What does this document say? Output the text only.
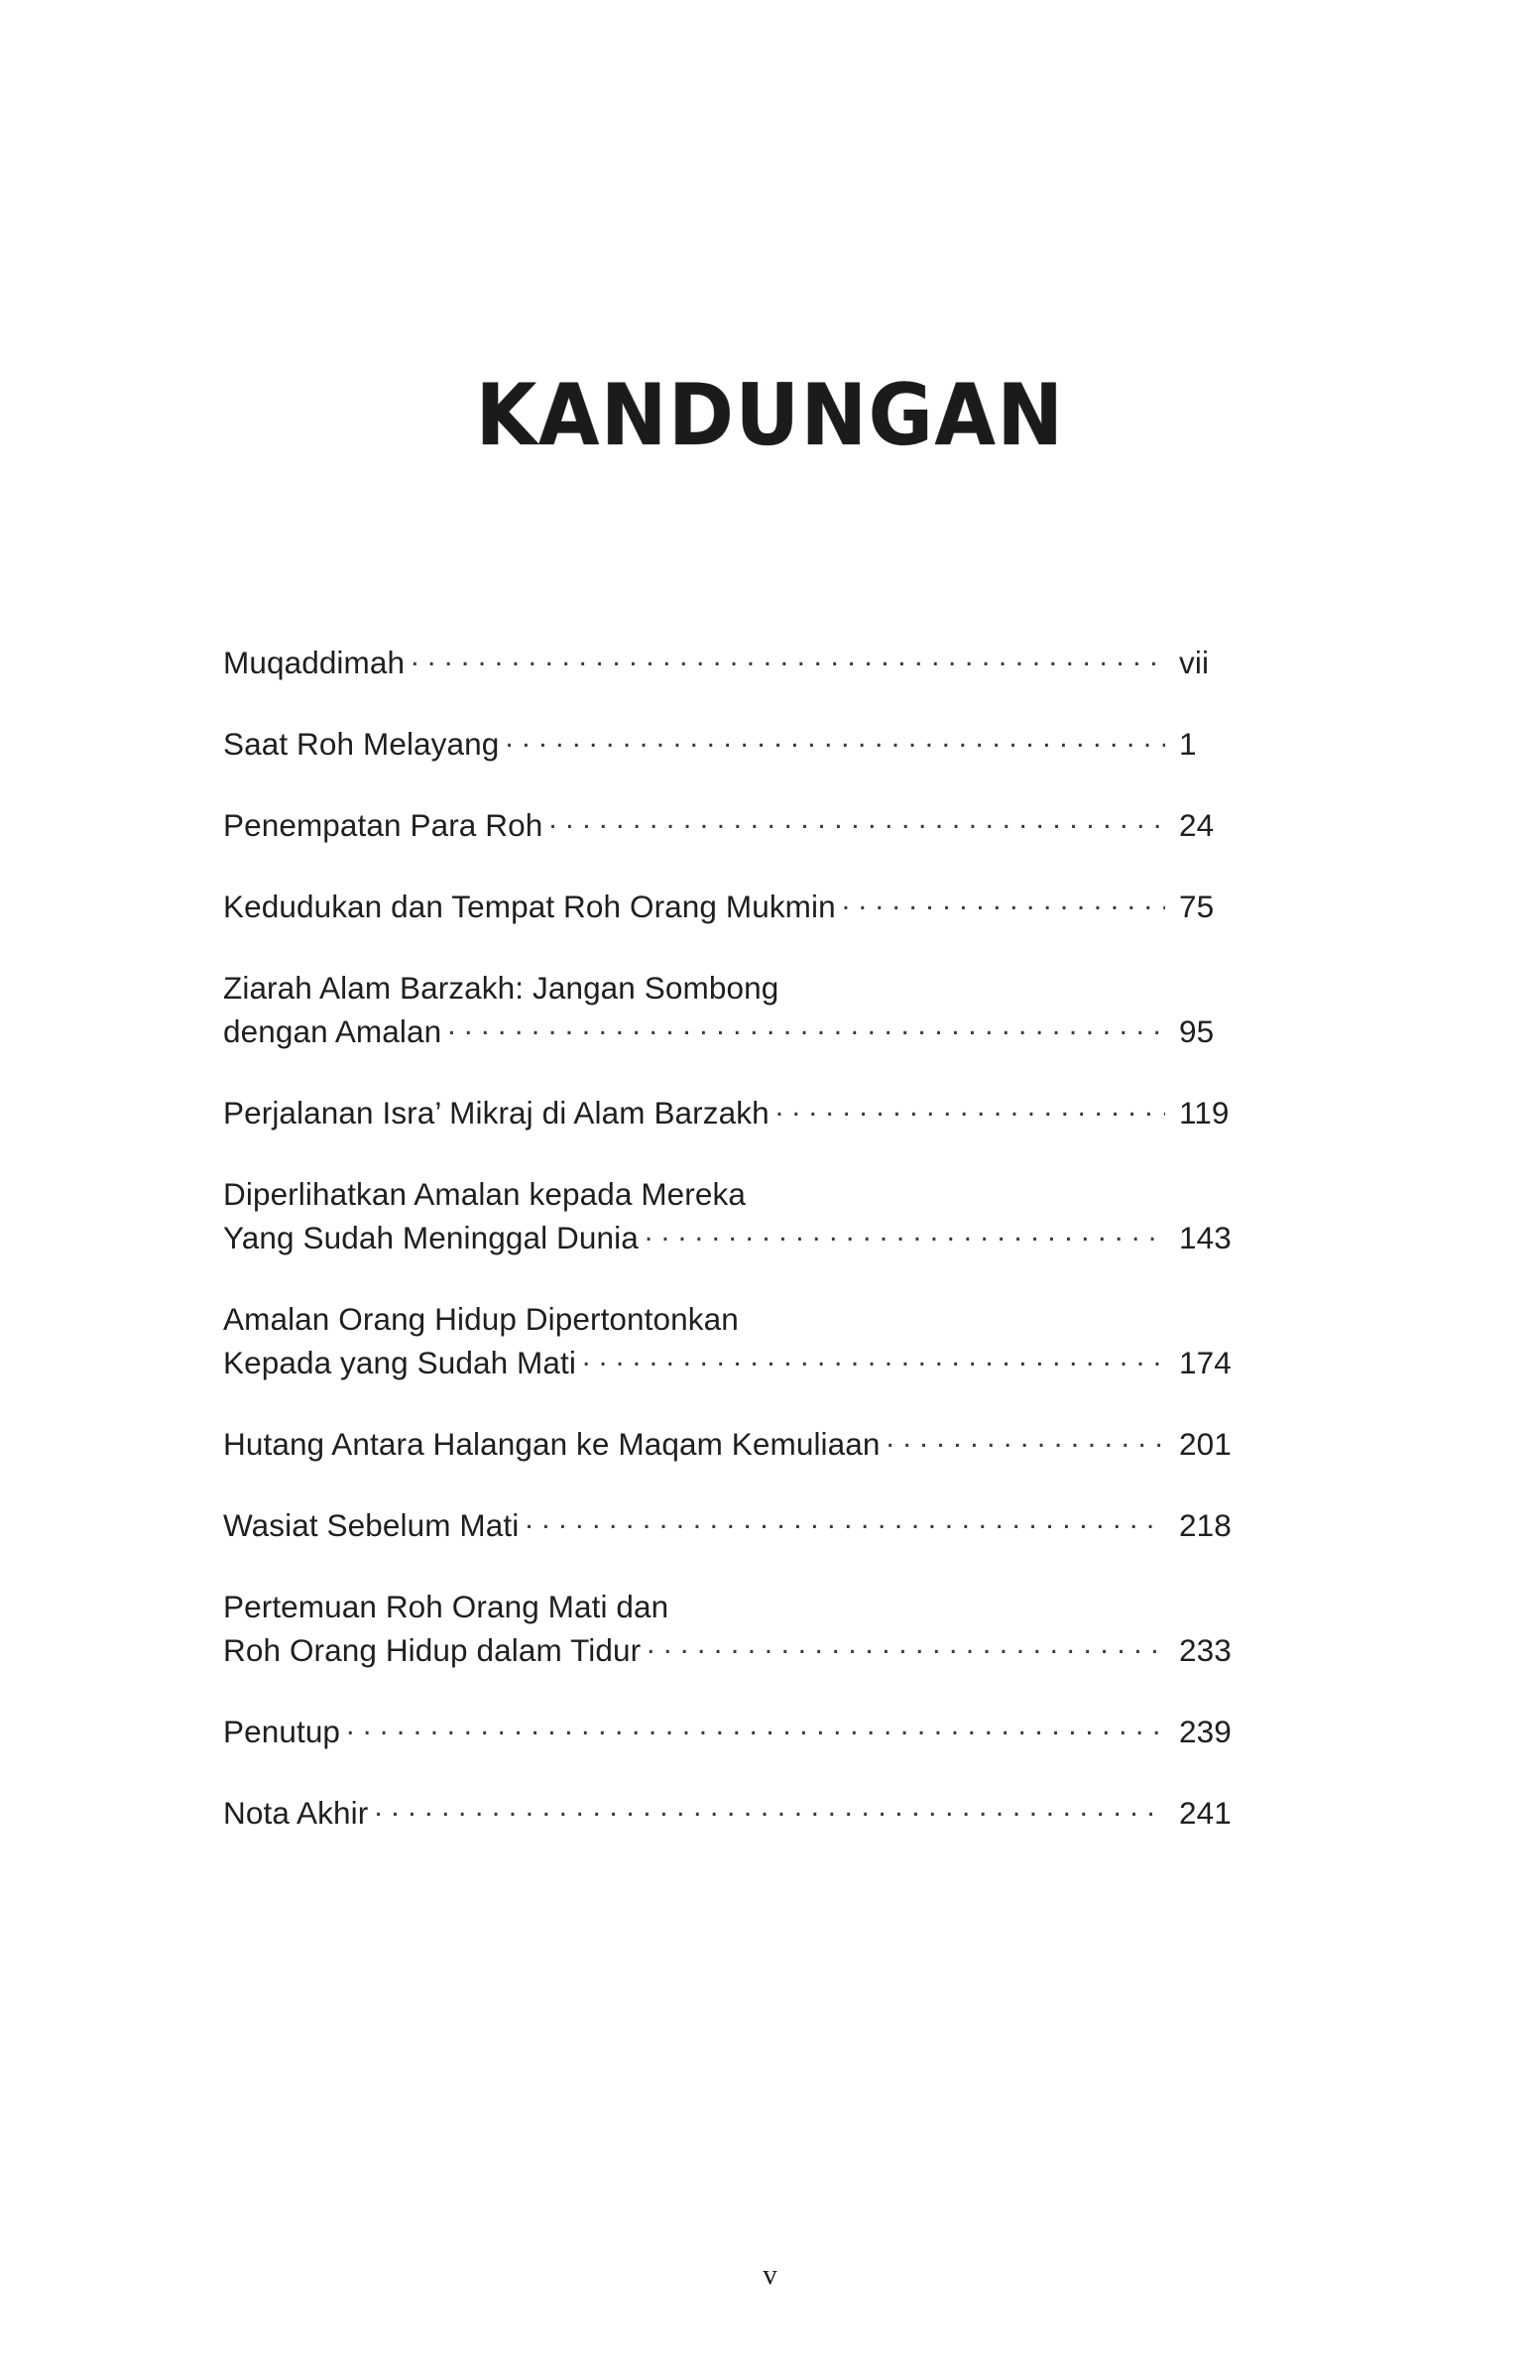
KANDUNGAN
Muqaddimah .....	vii
Saat Roh Melayang .....	1
Penempatan Para Roh .....	24
Kedudukan dan Tempat Roh Orang Mukmin .....	75
Ziarah Alam Barzakh: Jangan Sombong
dengan Amalan .....	95
Perjalanan Isra’ Mikraj di Alam Barzakh .....	119
Diperlihatkan Amalan kepada Mereka
Yang Sudah Meninggal Dunia .....	143
Amalan Orang Hidup Dipertontonkan
Kepada yang Sudah Mati .....	174
Hutang Antara Halangan ke Maqam Kemuliaan .....	201
Wasiat Sebelum Mati .....	218
Pertemuan Roh Orang Mati dan
Roh Orang Hidup dalam Tidur .....	233
Penutup .....	239
Nota Akhir .....	241
v
